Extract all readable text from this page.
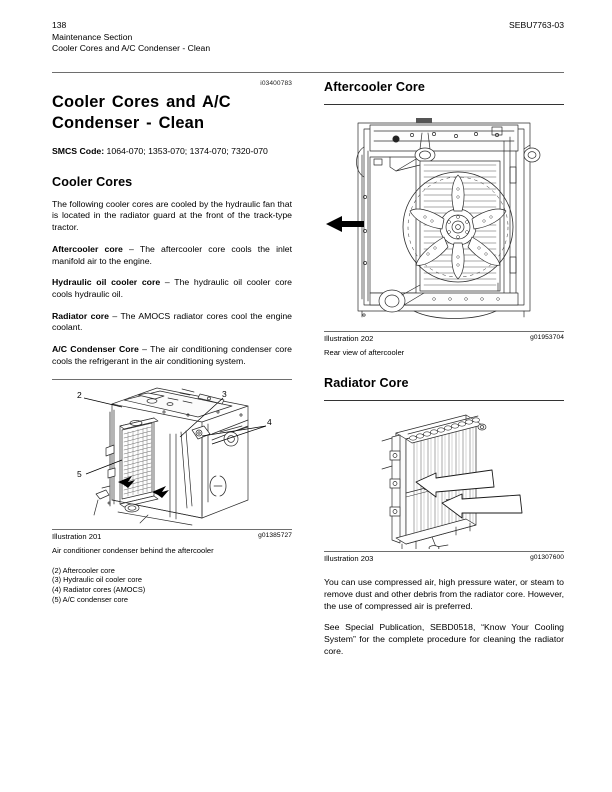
138
Maintenance Section
Cooler Cores and A/C Condenser - Clean
SEBU7763-03
i03400783
Cooler Cores and A/C Condenser - Clean

SMCS Code: 1064-070; 1353-070; 1374-070; 7320-070

Cooler Cores

The following cooler cores are cooled by the hydraulic fan that is located in the radiator guard at the front of the track-type tractor.

Aftercooler core – The aftercooler core cools the inlet manifold air to the engine.

Hydraulic oil cooler core – The hydraulic oil cooler core cools hydraulic oil.

Radiator core – The AMOCS radiator cores cool the engine coolant.

A/C Condenser Core – The air conditioning condenser core cools the refrigerant in the air conditioning system.

2	3
4
5
Illustration 201	g01385727
Air conditioner condenser behind the aftercooler
(2) Aftercooler core
(3) Hydraulic oil cooler core
(4) Radiator cores (AMOCS)
(5) A/C condenser core
Aftercooler Core
Illustration 202	g01953704
Rear view of aftercooler
Radiator Core
Illustration 203	g01307600

You can use compressed air, high pressure water, or steam to remove dust and other debris from the radiator core. However, the use of compressed air is preferred.

See Special Publication, SEBD0518, “Know Your Cooling System” for the complete procedure for cleaning the radiator core.
